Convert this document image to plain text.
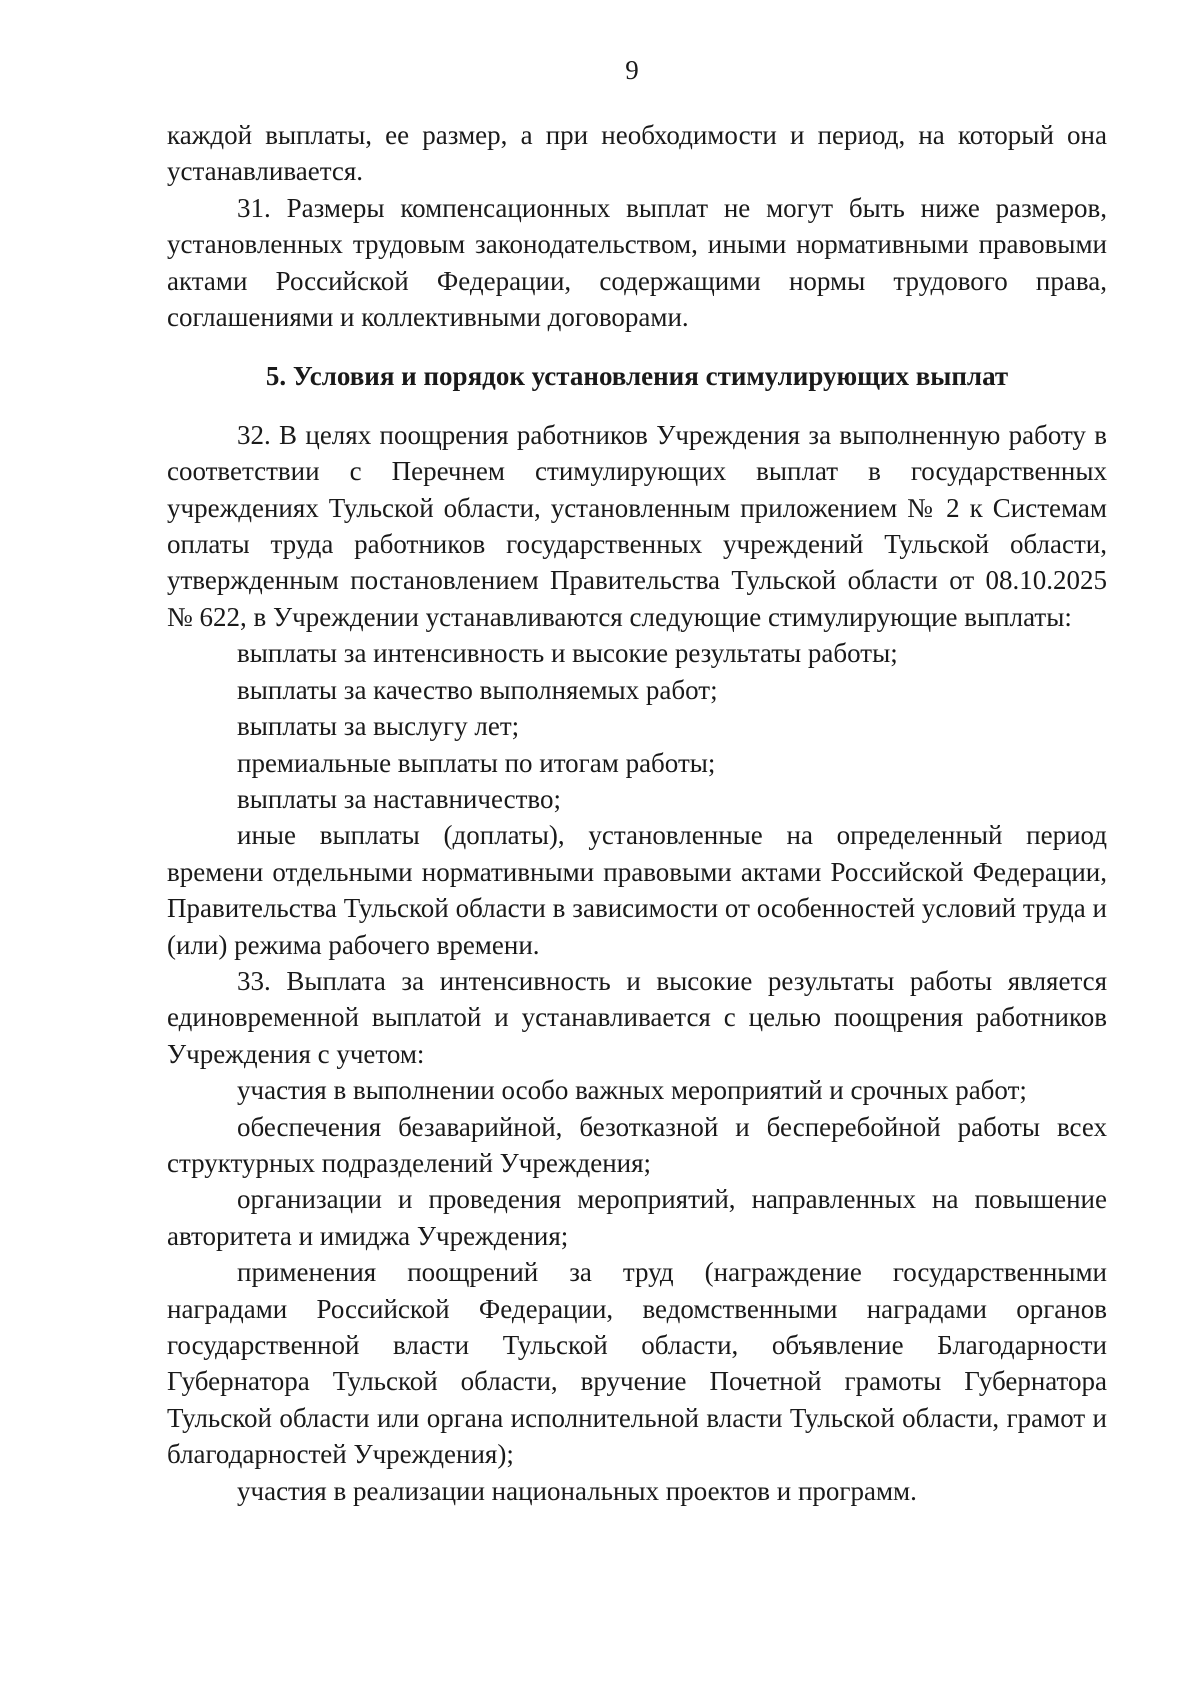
9

каждой выплаты, ее размер, а при необходимости и период, на который она устанавливается.

31. Размеры компенсационных выплат не могут быть ниже размеров, установленных трудовым законодательством, иными нормативными правовыми актами Российской Федерации, содержащими нормы трудового права, соглашениями и коллективными договорами.

5. Условия и порядок установления стимулирующих выплат

32. В целях поощрения работников Учреждения за выполненную работу в соответствии с Перечнем стимулирующих выплат в государственных учреждениях Тульской области, установленным приложением № 2 к Системам оплаты труда работников государственных учреждений Тульской области, утвержденным постановлением Правительства Тульской области от 08.10.2025 № 622, в Учреждении устанавливаются следующие стимулирующие выплаты:

выплаты за интенсивность и высокие результаты работы;

выплаты за качество выполняемых работ;

выплаты за выслугу лет;

премиальные выплаты по итогам работы;

выплаты за наставничество;

иные выплаты (доплаты), установленные на определенный период времени отдельными нормативными правовыми актами Российской Федерации, Правительства Тульской области в зависимости от особенностей условий труда и (или) режима рабочего времени.

33. Выплата за интенсивность и высокие результаты работы является единовременной выплатой и устанавливается с целью поощрения работников Учреждения с учетом:

участия в выполнении особо важных мероприятий и срочных работ;

обеспечения безаварийной, безотказной и бесперебойной работы всех структурных подразделений Учреждения;

организации и проведения мероприятий, направленных на повышение авторитета и имиджа Учреждения;

применения поощрений за труд (награждение государственными наградами Российской Федерации, ведомственными наградами органов государственной власти Тульской области, объявление Благодарности Губернатора Тульской области, вручение Почетной грамоты Губернатора Тульской области или органа исполнительной власти Тульской области, грамот и благодарностей Учреждения);

участия в реализации национальных проектов и программ.
